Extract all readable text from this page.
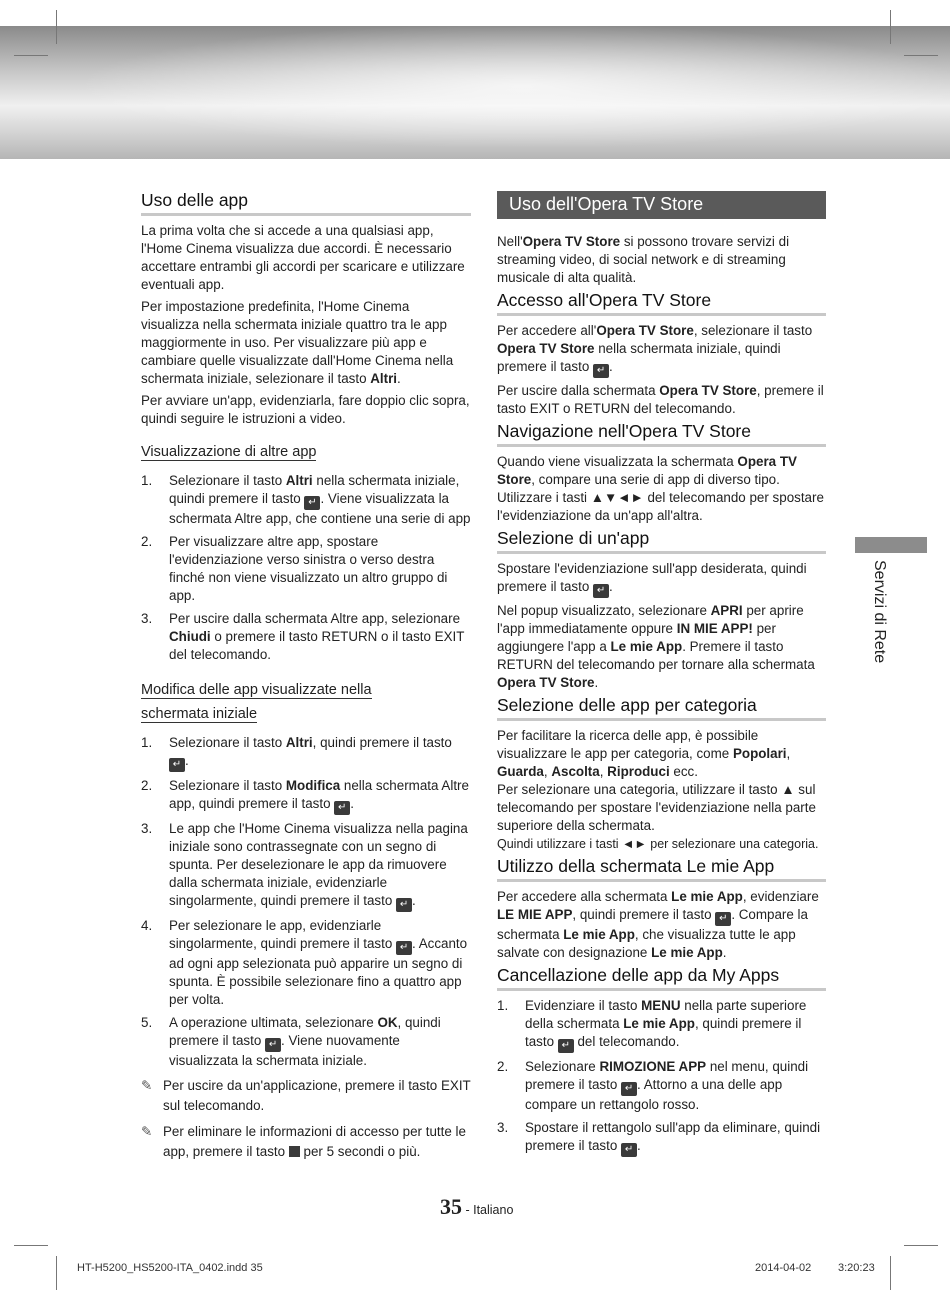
Uso delle app

La prima volta che si accede a una qualsiasi app, l'Home Cinema visualizza due accordi. È necessario accettare entrambi gli accordi per scaricare e utilizzare eventuali app.

Per impostazione predefinita, l'Home Cinema visualizza nella schermata iniziale quattro tra le app maggiormente in uso. Per visualizzare più app e cambiare quelle visualizzate dall'Home Cinema nella schermata iniziale, selezionare il tasto Altri.

Per avviare un'app, evidenziarla, fare doppio clic sopra, quindi seguire le istruzioni a video.

Visualizzazione di altre app
1. Selezionare il tasto Altri nella schermata iniziale, quindi premere il tasto ↵ . Viene visualizzata la schermata Altre app, che contiene una serie di app
2. Per visualizzare altre app, spostare l'evidenziazione verso sinistra o verso destra finché non viene visualizzato un altro gruppo di app.
3. Per uscire dalla schermata Altre app, selezionare Chiudi o premere il tasto RETURN o il tasto EXIT del telecomando.
Modifica delle app visualizzate nella
schermata iniziale
1. Selezionare il tasto Altri, quindi premere il tasto ↵ .
2. Selezionare il tasto Modifica nella schermata Altre app, quindi premere il tasto ↵ .
3. Le app che l'Home Cinema visualizza nella pagina iniziale sono contrassegnate con un segno di spunta. Per deselezionare le app da rimuovere dalla schermata iniziale, evidenziarle singolarmente, quindi premere il tasto ↵ .
4. Per selezionare le app, evidenziarle singolarmente, quindi premere il tasto ↵ . Accanto ad ogni app selezionata può apparire un segno di spunta. È possibile selezionare fino a quattro app per volta.
5. A operazione ultimata, selezionare OK, quindi premere il tasto ↵ . Viene nuovamente visualizzata la schermata iniziale.
✎ Per uscire da un'applicazione, premere il tasto EXIT sul telecomando.
✎ Per eliminare le informazioni di accesso per tutte le app, premere il tasto  per 5 secondi o più.
Uso dell'Opera TV Store

Nell'Opera TV Store si possono trovare servizi di streaming video, di social network e di streaming musicale di alta qualità.

Accesso all'Opera TV Store

Per accedere all'Opera TV Store, selezionare il tasto Opera TV Store nella schermata iniziale, quindi premere il tasto ↵ .

Per uscire dalla schermata Opera TV Store, premere il tasto EXIT o RETURN del telecomando.

Navigazione nell'Opera TV Store

Quando viene visualizzata la schermata Opera TV Store, compare una serie di app di diverso tipo. Utilizzare i tasti ▲▼◄► del telecomando per spostare l'evidenziazione da un'app all'altra.

Selezione di un'app

Spostare l'evidenziazione sull'app desiderata, quindi premere il tasto ↵ .

Nel popup visualizzato, selezionare APRI per aprire l'app immediatamente oppure IN MIE APP! per aggiungere l'app a Le mie App. Premere il tasto RETURN del telecomando per tornare alla schermata Opera TV Store.

Selezione delle app per categoria

Per facilitare la ricerca delle app, è possibile visualizzare le app per categoria, come Popolari, Guarda, Ascolta, Riproduci ecc.

Per selezionare una categoria, utilizzare il tasto ▲ sul telecomando per spostare l'evidenziazione nella parte superiore della schermata.

Quindi utilizzare i tasti ◄► per selezionare una categoria.

Utilizzo della schermata Le mie App

Per accedere alla schermata Le mie App, evidenziare LE MIE APP, quindi premere il tasto ↵ . Compare la schermata Le mie App, che visualizza tutte le app salvate con designazione Le mie App.

Cancellazione delle app da My Apps
1. Evidenziare il tasto MENU nella parte superiore della schermata Le mie App, quindi premere il tasto ↵ del telecomando.
2. Selezionare RIMOZIONE APP nel menu, quindi premere il tasto ↵ . Attorno a una delle app compare un rettangolo rosso.
3. Spostare il rettangolo sull'app da eliminare, quindi premere il tasto ↵ .
Servizi di Rete
35 - Italiano
HT-H5200_HS5200-ITA_0402.indd 35	2014-04-02 3:20:23
